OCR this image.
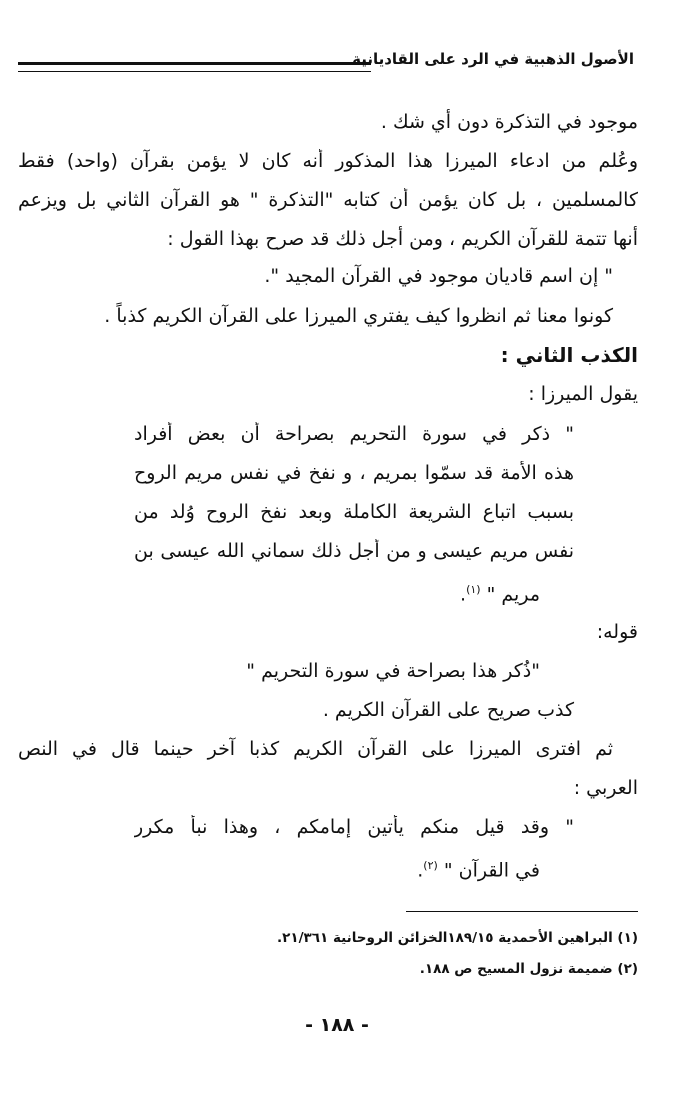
الأصول الذهبية في الرد على القاديانية
موجود في التذكرة دون أي شك .
وعُلم من ادعاء الميرزا هذا المذكور أنه كان لا يؤمن بقرآن (واحد) فقط
كالمسلمين ، بل كان يؤمن أن كتابه "التذكرة " هو القرآن الثاني بل ويزعم
أنها تتمة للقرآن الكريم ، ومن أجل ذلك قد صرح بهذا القول :
" إن اسم قاديان موجود في القرآن المجيد ".
كونوا معنا ثم انظروا كيف يفتري الميرزا على القرآن الكريم كذباً .
الكذب الثاني :
يقول الميرزا :
" ذكر في سورة التحريم بصراحة أن بعض أفراد
هذه الأمة قد سمّوا بمريم ، و نفخ في نفس مريم الروح
بسبب اتباع الشريعة الكاملة وبعد نفخ الروح وُلد من
نفس مريم عيسى و من أجل ذلك سماني الله عيسى بن
مريم " $^{(١)}$.
قوله:
"ذُكر هذا بصراحة في سورة التحريم "
كذب صريح على القرآن الكريم .
ثم افترى الميرزا على القرآن الكريم كذبا آخر حينما قال في النص
العربي :
" وقد قيل منكم يأتين إمامكم ، وهذا نبأٌ مكرر
في القرآن " $^{(٢)}$.
(١) البراهين الأحمدية ١٨٩/١٥الخزائن الروحانية ٢١/٣٦١.
(٢) ضميمة نزول المسيح ص ١٨٨.
- ١٨٨ -
